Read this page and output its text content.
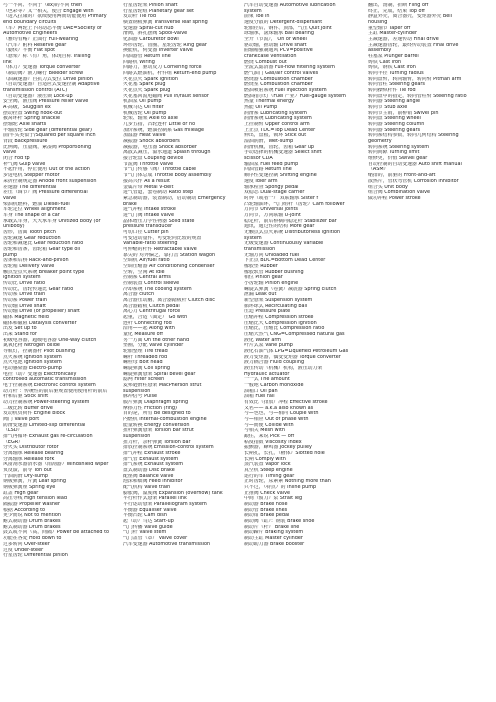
弓一不同、不同于（ex)的不同 then
（色彩等）又一相关，使合 Engage with
（进入拉康的）欲续使用两而切能使用 Primary
end boundary circuits
（车）两轮上下的动态平衡 DAE=Society of
Automotive Engineers
（雅均有鳍）正面行 Full-wearing
（汽车）附料 Reserve gear
（勤快）平衡 Flat spot
（悬架）标（有）角，体现自标 Trailing
link
（体力）变速器 Torque converter
（制动阀）液力螺行 Bleeder screw
（油减速器）自抗力式变位 Drive pinion
（自动变速器）自适应式变速控制 Adaptive
transmission control (ATC)
（自动变速器）液压锁 Lock-up
安全阀，液压阀 Pressure relief valve
A·高级，Sluggish ex
摆动控置 Swing hook-out
被窝环杆 Spring shackle
摆轴轮 Axle shafts
半轴齿轮 Side gear (differential gear)
前/平头类似于/Squared per square inch
背段 Backpressure
比例阀，压量阀，紧凑阀 Proportioning
valve
闭合 Fod tp
补气阀 Gulp valve
不起作用，停止使用 Out of the action
步进电机 Stepper motor
采折控制规定器 Anode front suspension
差速器 The differential
差压（调节）阀 Pressure differential
valve
柴油机燃料，燃油 Diesel-fuel
车轮定位 Wheel alignment
车身 The shape of a car
承载式车身，大大承车身 Unitized body (or
unibody)
齿形，齿面 Tooth pitch
齿轮减速 Gear reduction
齿轮和减速比 Gear reduction ratio
齿轮和齿条，齿轮箱 Gear type oil
pump
齿条和后桥 Rack-and-pinion
齿轮箱 Delivery valve
触点型点火系统 Breaker point type
ignition system
传动比 Drive ratio
传动比，齿轮传递比 Gear ratio
传动系 Drive train
传动系 Power train
传动轴 Drive shaft
传动轴 Drive (or propeller) shaft
磁体 Magnetic field
磁体和磁阻 Datalysis converter
出发 Set up to
出来 Stand for
初级电容器，超级电容器 One-way clutch
氮氧化物 Nitrogen oxide
导航灯，控制器杆 Pilot bushing
点火系统 Ignition system
点火电池 Ignition system
电动感染器 Electro-pump
电控（动）变速器 Electronically
controlled automatic transmission
电子控制系统 Electronic control system
动力杆 ：传统性的前后驱规置使用使用杆的前后
杆和后驱 Stick shift
动力控制系统 Power-steering system
二级比转 Buffer drive
发动机负荷件 Engine block
阀门 Valve port
防滑变速器 Limited-slip differential
（LSD）
排气再循环 Exhaust gas re-circulation
（EGR）
分火头 Distributor rotor
分离轴承 Release bearing
分离轴承 Release fork
风窗刮水器清水器（雨刮器）Windshield wiper
负反馈，前导 Ton out
干油润滑 Dry-sump
钢板弹簧，片簧 Leaf spring
钢板弹簧座 Spring eye
缸盖 High gear
高压导线 High tension lead
隔振器 Propeller washer
根据 According to
更少而说 Not to mention
耐式制动器 Drum brakes
耐式制动器 Drum brakes
鼓式或不同（高，间隔）Power be attached to
功能在各处 Hold down to
过多转向 Over-steer
过度 Under-steer
行星齿轮 Differential pinion
行星齿轮架 Pinion shaft
行星齿轮组 Planetary gear set
发动杆 Tie rod
横置钢板弹簧 Transverse leaf spring
变速器 Spiral-cut hub
滑阀，斜孔摆阀 Spool-valve
化油器 Carburetor bowl
环形齿轮，齿圈，星轮齿轮 Ring gear
换能机，伺变器 Inverter valve
回油器管 Return line
回路机 Wiring
回路力，驱动反力 Cornering force
回路式燃油机，杆件组 Return-end pump
火花点火 Spark ignition
火花塞 Spark plug
火花点火 Spark plug
火花塞回流电磁阀 Pull in/fault sensor
机油泵 Oil pump
机械马达 Oil filter
机械齿轮 Oil pump
轮架、轴架 Axle to axle
几步五指，凸轮连杆 Little or no
加价系统，燃油控制系 Gas mileage
加温器 Heat valve
减振器 Shock absorbers
减振器，电压器 Shock absorber
离散式减压，溢水通道 Splash through
接合轮盘 Coupling device
节流阀 Throttle valve
节气门传感（阀）Throttle cable
节气门体总成 Throttle body assembly
接高兴作 As a result
金属片带 Metal V-belt
进气管道，套卷制动 Ratio step
紧急制动器，装置制动，启动制动 Emergency
brake
进气冲程 Intake stroke
进气门阀 Intake valve
晶体增压力学性物器 Solid state
pressure transducer
可切口径 Cutter pin
可变进动量件，可变轮向比较的规置
Variable-ratio steering
可伸缩的杆件 Retractable valve
靠尖的 对外偏乏，靠打击 Station wagon
空调机 Air/fuel ratio
空调压缩器 Air conditioning condenser
空转，空闲 At idle
控制系 Central arms
控制装置 Control sleeve
冷却系统 The cooling system
离合器 clutch
离合器压动脑，离合器踏板杆 Clutch disc
离合器踏板 Clutch pedal
离心力 Centrifugal force
起重，合适（面定） Go with
连杆 Connecting rod
沿用——起 Along with
量化 Measure off
另一方面 On the other hand
垫圈，分配 Valve cylinder
轮胎整理 Tire tread
螺杆 Threaded rod
螺栓母 Bolt head
螺旋弹簧 Coil spring
螺旋弹簧悬架 Spiral bevel gear
滤网 Filter screen
麦弗逊滑柱悬架 MacPherson strut
suspension
脉冲信号 Pulse
膜片弹簧 Diaphragm spring
摩擦力性 Friction (ring)
目的是，所有 Be designed to
内燃机 Internal-combustion engine
能量转换 Energy conversion
扭杆弹簧悬架 Torsion bar strut
suspension
扭力杆，杂杆弹簧 Torsion bar
排放控制系统 Emission-control system
排气冲程 Exhaust stroke
排气管 Exhaust system
排气系统 Exhaust system
盘式制动器 Disc brake
配座阀 Balance valve
泡沫和细阀 Feed inhibitor
配气机构 Valve train
膨胀阀，温度阀 Expansion (overflow) tank
平行杆作式悬架 Parallel link
平行运动悬架 Parallelogram system
平衡器 Equaliser valve
平衡凸轮 Cam dish
起（动）马达 Start-up
气门传播 Valve guide
气门杆 Valve stem
气门盖管（罩） Valve cover
汽车变速器 Automotive transmission
汽车自动变速器 Automotive lubrication
system
前束 Toe in
速度分散的 Detergent-dispersant
轮胎径后，钢件、顶部，气压 Quit Joint
球轴承，滚珠轴承 Ball bearing
全开（节流）， On or wheel
驱动轴，推动轴 Drive shaft
曲轴箱强制通风 PCV=positive
crankcase ventilation
燃烧 Combust out
全流式滤清器 Full-flow filtering system
燃气油门 Gas/air control valves
燃烧器 Combustion chamber
燃烧室 Combustion chamber
燃油喷射系统 Fuel injection system
燃油指示灯（Fuel 产业）Fuel-gauge system
热量 Thermal energy
热能 Oil Pump
润滑系 Lubricating system
润滑系统 Lubricating system
上控制臂 Upper control arm
上止点 TDC=Top Dead Center
伸出，盘根，锁环 Stick out
湿油润滑，Wet-sump
润滑机械，齿轮，齿箱 Gear up
手动选择的机械变速器 Select shift
scissor CDA
输油泵 Fuel feed pump
回油管路 Return line
顺序性变速控制 Shifting engine
速度 Idler arm
轴承检查 Spongy pedal
双稳态 Dual-stage carrier
时钟（或者一） 双联轴承 Sister f
凸轮轴油环，气门组杆（齿轮）Cam follower
万向节 Universal joints
万向节，万向联轴 U-joint
稳定杆，前后桥横向稳定杆 Stabilizer bar
通讯，通过性的结构 More gear
无触点式点火系统 Distributorless ignition
system
无级变速器 Continuously variable
transmission
无轴万向 Unloaded fuel
下止点 BDC=Bottom Dead Center
橡胶垫 Rubber
橡胶软管 Rubber bushing
相位 Pinion gear
小齿轮轴 Pinion engine
螺旋式弹簧（卷簧）减震器 Spring clutch
泄漏 Leak out
新型悬架 Suspension system
循环球式 Recirculating ball
压迫 Pressure plate
压缩冲程 Compression stroke
压缩比大 Compression ignition
压缩比，压缩比 Compression ratio
压缩天然气 CNG=Compressed natural gas
液化 Water arm
叶片式泵 Vane pump
液化石油气体 LPG=Liquefied Petroleum Gas
液力变矩器，偶变变矩器 Torque converter
液力耦合器 Fluid coupling
液压传动（机械）机构，液压动力架
Hydraulic actuator
一一式 The amount
一般地 Carbon monoxide
油箱口 Oil pan
油箱 Fuel rail
有效比（排放）冲程 Effective stroke
又名—— a.k.a also known as
与—也也，与—相同 Couple with
与—相应 Out of phase with
与—而使 Collide with
与相关 Mesh with
跟住，来说 Pick — off
粘度指数 Viscosity index
振颤器，蜂鸣器 Jockey pulley
长期孔，长孔，（槽体）Slotted hole
长期 Comply with
蒸汽装置 Vapor lock
真空机 Steep engine
运行的车 Timing gear
正时齿轮，尿素素 Nothing more than
只不过，（特点）的 Inline pump
止推阀 Check valve
中间（惯力）泵 Strait leg
制动器 Brake hose
制动管 Brake lines
制动钳 Brake pedal
制动阀（缸）：钢装 Brake shoe
制动片（杆） Brake line
制动蹄片 Braking system
制动主缸 Master cylinder
制动助力器 Brake booster
翻出，剖制，折断 Fling off
终止，完成，结束 Top off
静盒外壳，离合器壳，变矩器外壳 Bell
housing
重型轴节 Taper off
主缸 Master-cylinder
主减速器，差速传动 Final drive
主减速器齿轮，最终传动装置 Final drive
assembly
柱塞泵 Plunger barrel
铸铁 Cast iron
铸铁，钢铁 Cast iron
转向半径 Turning radius
转向盘臂，转向轴臂，转向臂 Pitman arm
转向管柱 Steering gears
转向操纵杆件 Tie rod
转向盘中的指定，转向管柱臂 Steering ratio
转向器 Steering angle
转向节 Stub axle
转向节主销，前桥销 Swivel pin
转向盘 Steering wheel
转向器 Steering column
转向器 Steering gears
转向系结构参数，转向几何结构 Steering
geometry
转向系统 Steering system
转向间隙 Turning limit
维修更，价值 Swivel gear
自动控制的自动变速器 Auto shift manual
（ASM）
缩排的，前驱的 Front-and-aft
散热片，管状弯管机 Corrosion inhibitor
组合头 Unit body
组合阀 Combination valve
做功冲程 Power stroke
